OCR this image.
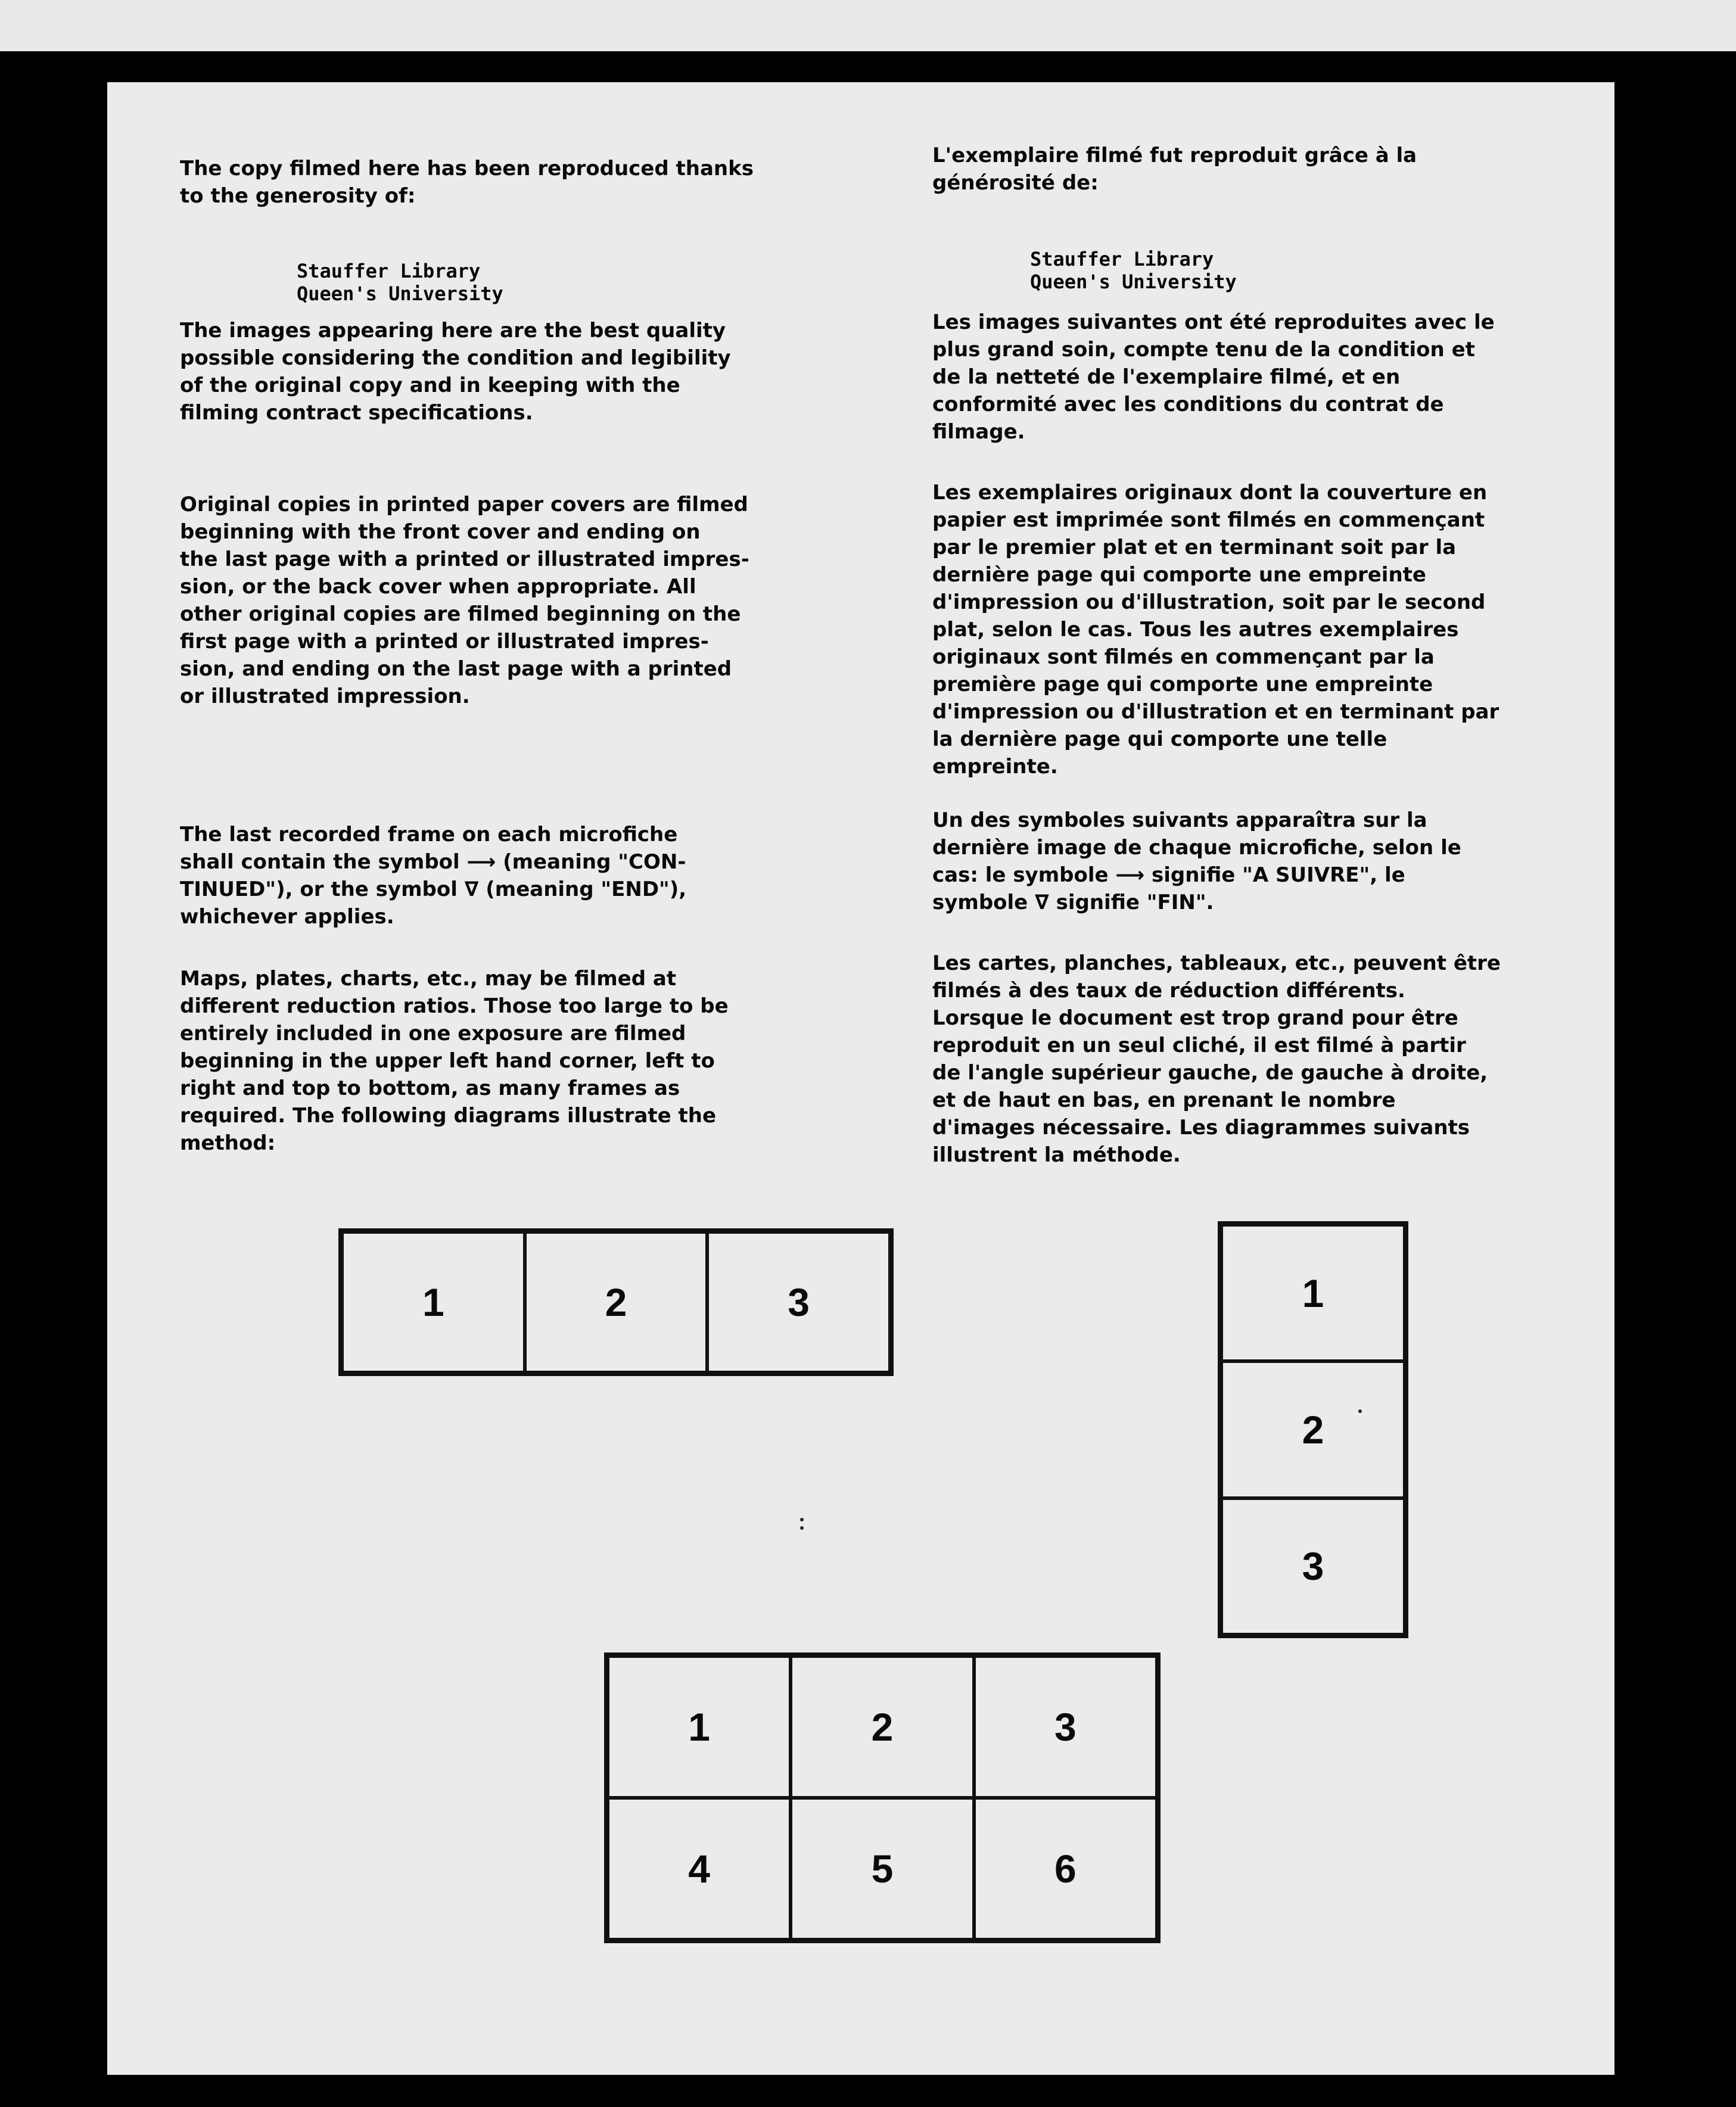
The copy filmed here has been reproduced thanks
to the generosity of:

Stauffer Library
Queen's University

The images appearing here are the best quality
possible considering the condition and legibility
of the original copy and in keeping with the
filming contract specifications.

Original copies in printed paper covers are filmed
beginning with the front cover and ending on
the last page with a printed or illustrated impres-
sion, or the back cover when appropriate. All
other original copies are filmed beginning on the
first page with a printed or illustrated impres-
sion, and ending on the last page with a printed
or illustrated impression.

The last recorded frame on each microfiche
shall contain the symbol ⟶ (meaning "CON-
TINUED"), or the symbol ∇ (meaning "END"),
whichever applies.

Maps, plates, charts, etc., may be filmed at
different reduction ratios. Those too large to be
entirely included in one exposure are filmed
beginning in the upper left hand corner, left to
right and top to bottom, as many frames as
required. The following diagrams illustrate the
method:

L'exemplaire filmé fut reproduit grâce à la
générosité de:

Stauffer Library
Queen's University

Les images suivantes ont été reproduites avec le
plus grand soin, compte tenu de la condition et
de la netteté de l'exemplaire filmé, et en
conformité avec les conditions du contrat de
filmage.

Les exemplaires originaux dont la couverture en
papier est imprimée sont filmés en commençant
par le premier plat et en terminant soit par la
dernière page qui comporte une empreinte
d'impression ou d'illustration, soit par le second
plat, selon le cas. Tous les autres exemplaires
originaux sont filmés en commençant par la
première page qui comporte une empreinte
d'impression ou d'illustration et en terminant par
la dernière page qui comporte une telle
empreinte.

Un des symboles suivants apparaîtra sur la
dernière image de chaque microfiche, selon le
cas: le symbole ⟶ signifie "A SUIVRE", le
symbole ∇ signifie "FIN".

Les cartes, planches, tableaux, etc., peuvent être
filmés à des taux de réduction différents.
Lorsque le document est trop grand pour être
reproduit en un seul cliché, il est filmé à partir
de l'angle supérieur gauche, de gauche à droite,
et de haut en bas, en prenant le nombre
d'images nécessaire. Les diagrammes suivants
illustrent la méthode.

1	2	3	1
2
3
1	2	3
4	5	6
